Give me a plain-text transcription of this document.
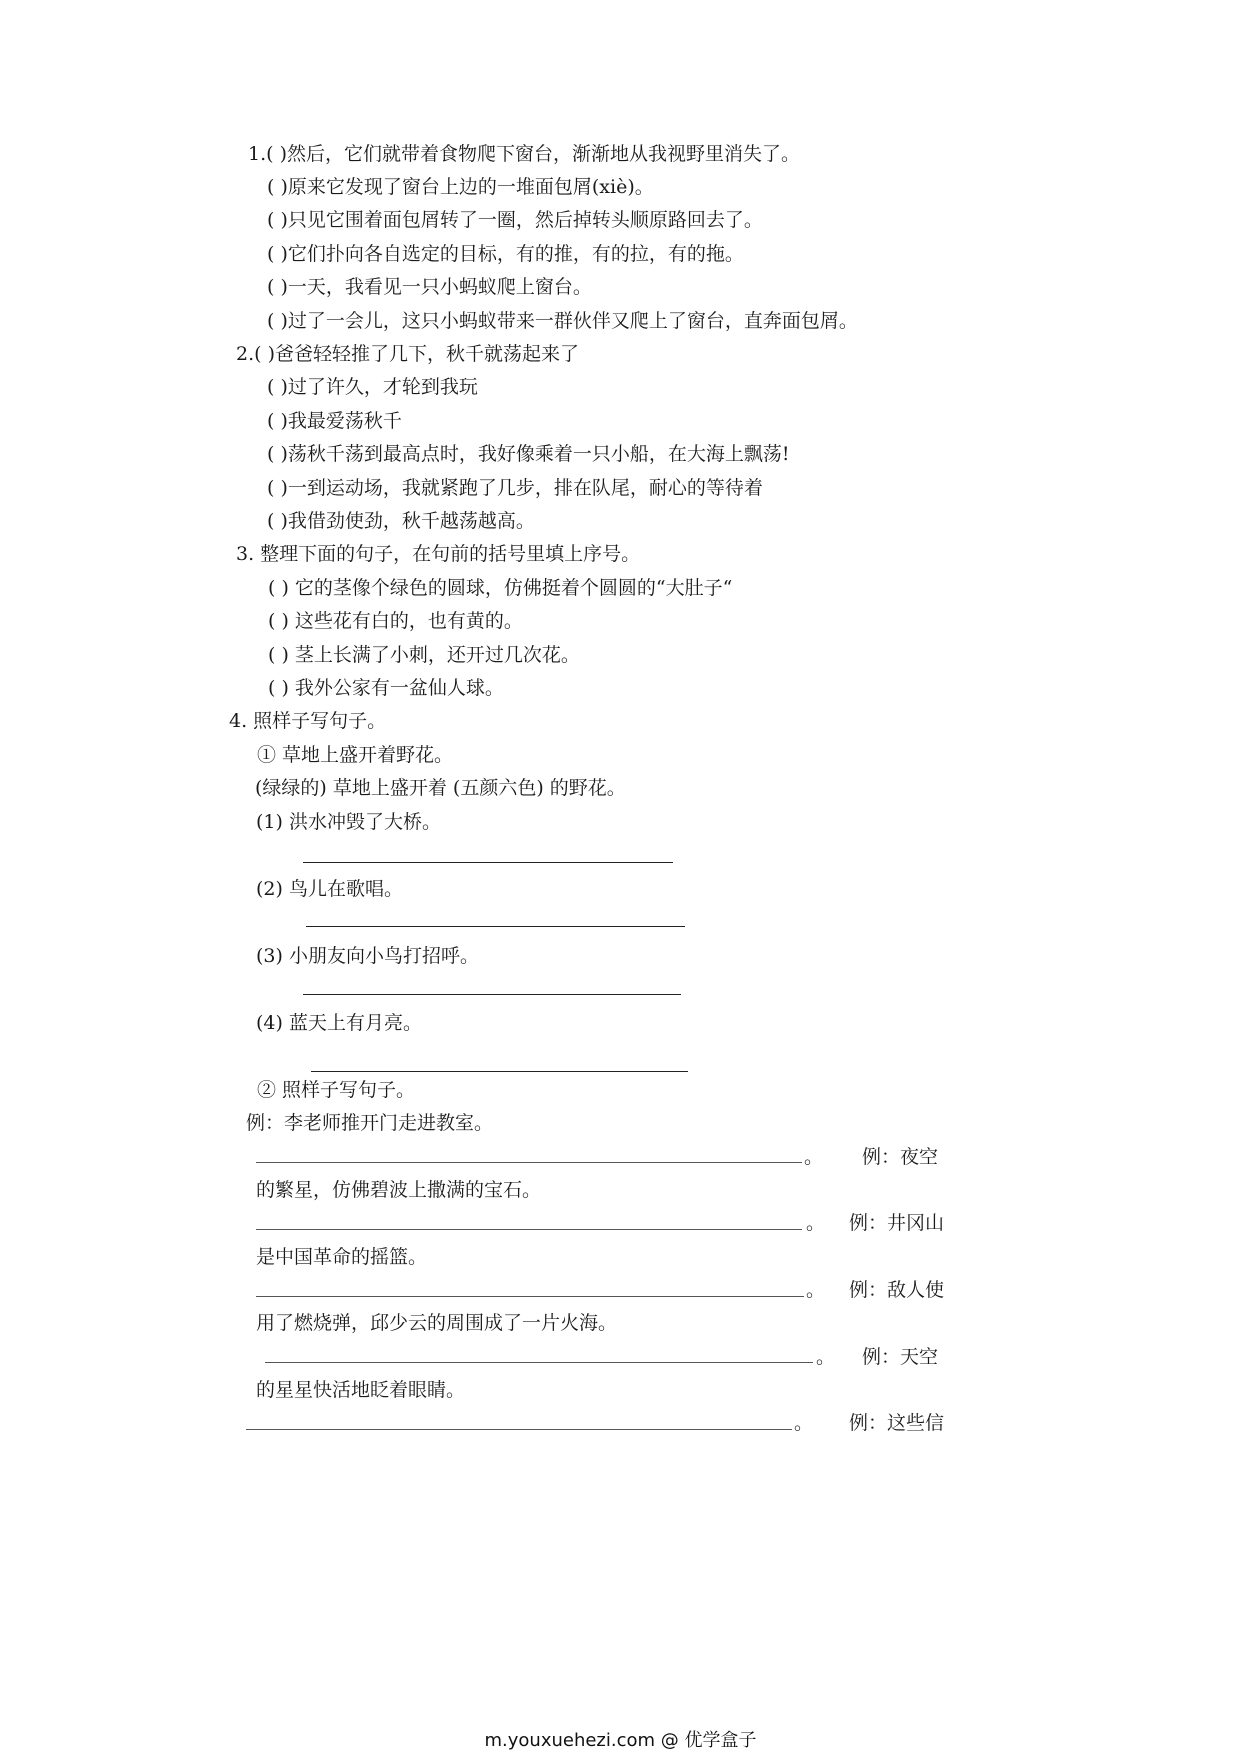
1.( )然后，它们就带着食物爬下窗台，渐渐地从我视野里消失了。
( )原来它发现了窗台上边的一堆面包屑(xiè)。
( )只见它围着面包屑转了一圈，然后掉转头顺原路回去了。
( )它们扑向各自选定的目标，有的推，有的拉，有的拖。
( )一天，我看见一只小蚂蚁爬上窗台。
( )过了一会儿，这只小蚂蚁带来一群伙伴又爬上了窗台，直奔面包屑。
2.( )爸爸轻轻推了几下，秋千就荡起来了
( )过了许久，才轮到我玩
( )我最爱荡秋千
( )荡秋千荡到最高点时，我好像乘着一只小船，在大海上飘荡!
( )一到运动场，我就紧跑了几步，排在队尾，耐心的等待着
( )我借劲使劲，秋千越荡越高。
3. 整理下面的句子，在句前的括号里填上序号。
( ) 它的茎像个绿色的圆球，仿佛挺着个圆圆的“大肚子“
( ) 这些花有白的，也有黄的。
( ) 茎上长满了小刺，还开过几次花。
( ) 我外公家有一盆仙人球。
4. 照样子写句子。
① 草地上盛开着野花。
(绿绿的) 草地上盛开着 (五颜六色) 的野花。
(1) 洪水冲毁了大桥。
(2) 鸟儿在歌唱。
(3) 小朋友向小鸟打招呼。
(4) 蓝天上有月亮。
② 照样子写句子。
例：李老师推开门走进教室。
。 例：夜空
的繁星，仿佛碧波上撒满的宝石。
。 例：井冈山
是中国革命的摇篮。
。 例：敌人使
用了燃烧弹，邱少云的周围成了一片火海。
。 例：天空
的星星快活地眨着眼睛。
。 例：这些信
m.youxuehezi.com @ 优学盒子
